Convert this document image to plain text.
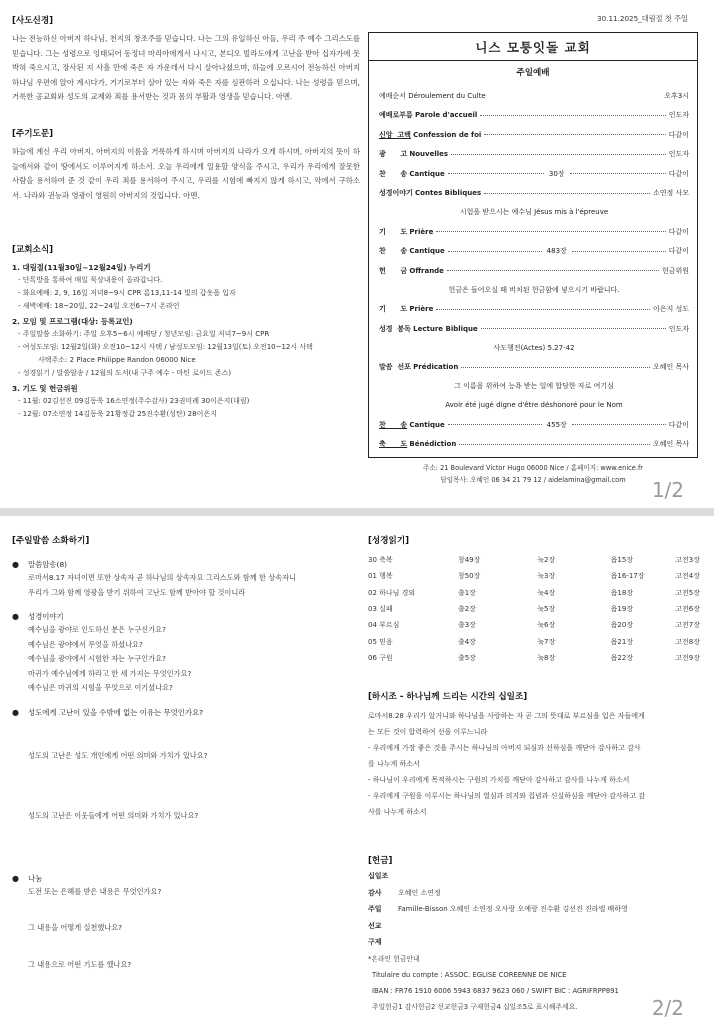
[사도신경]
나는 전능하신 아버지 하나님, 천지의 창조주를 믿습니다. 나는 그의 유일하신 아들, 우리 주 예수 그리스도를 믿습니다. 그는 성령으로 잉태되어 동정녀 마리아에게서 나시고, 본디오 빌라도에게 고난을 받아 십자가에 못 박혀 죽으시고, 장사된 지 사흘 만에 죽은 자 가운데서 다시 살아나셨으며, 하늘에 오르시어 전능하신 아버지 하나님 우편에 앉아 계시다가, 거기로부터 살아 있는 자와 죽은 자를 심판하러 오십니다. 나는 성령을 믿으며, 거룩한 공교회와 성도의 교제와 죄를 용서받는 것과 몸의 부활과 영생을 믿습니다. 아멘.
[주기도문]
하늘에 계신 우리 아버지, 아버지의 이름을 거룩하게 하시며 아버지의 나라가 오게 하시며, 아버지의 뜻이 하늘에서와 같이 땅에서도 이루어지게 하소서. 오늘 우리에게 일용할 양식을 주시고, 우리가 우리에게 잘못한 사람을 용서하여 준 것 같이 우리 죄를 용서하여 주시고, 우리를 시험에 빠지지 않게 하시고, 악에서 구하소서. 나라와 권능과 영광이 영원히 아버지의 것입니다. 아멘.
[교회소식]
1. 대림절(11월30일~12월24일) 누리기
- 단톡방을 통하여 매일 묵상내용이 올라갑니다.
- 화요예배: 2, 9, 16일 저녁8~9시 CPR 롬13,11-14 빛의 갑옷을 입자
- 새벽예배: 18~20일, 22~24일 오전6~7시 온라인
2. 모임 및 프로그램(대상: 등록교인)
- 주일말씀 소화하기: 주일 오후5~6시 예배당 / 청년모임: 금요일 저녁7~9시 CPR
- 여성도모임: 12월2일(화) 오전10~12시 사택 / 남성도모임: 12월13일(토) 오전10~12시 사택
사택주소: 2 Place Philippe Randon 06000 Nice
- 성경읽기 / 말씀암송 / 12월의 도서(내 구주 예수 - 마틴 로이드 존스)
3. 기도 및 헌금위원
- 11월: 02김선진 09김동욱 16소연정(주수감사) 23권미례 30이은지(대림)
- 12월: 07소연정 14김동욱 21황정갑 25진수환(성탄) 28이은지
30.11.2025_대림절 첫 주일
니스 모퉁잇돌 교회
주일예배
예배순서 Déroulement du Culte	오후3시
예배로부름 Parole d'accueil	인도자
신앙  고백 Confession de foi	다같이
광      고 Nouvelles	인도자
찬      송 Cantique	30장	다같이
성경이야기 Contes Bibliques	소연정 사모
시험을 받으시는 예수님 Jésus mis à l'épreuve
기      도 Prière	다같이
찬      송 Cantique	483장	다같이
헌      금 Offrande	헌금위원
헌금은 들어오실 때 비치된 헌금함에 넣으시기 바랍니다.
기      도 Prière	이은지 성도
성경  봉독 Lecture Biblique	인도자
사도행전(Actes) 5.27-42
말씀  선포 Prédication	오혜인 목사
그 이름을 위하여 능욕 받는 일에 합당한 자로 여기심
Avoir été jugé digne d'être déshonoré pour le Nom
찬      송 Cantique	455장	다같이
축      도 Bénédiction	오혜인 목사
주소: 21 Boulevard Victor Hugo 06000 Nice / 홈페이지: www.enice.fr
담임목사: 오혜인 06 34 21 79 12 / aidelamina@gmail.com	1/2
[주일말씀 소화하기]
●	말씀암송(8)
로마서8.17 자녀이면 또한 상속자 곧 하나님의 상속자요 그리스도와 함께 한 상속자니
우리가 그와 함께 영광을 받기 위하여 고난도 함께 받아야 할 것이니라
●	성경이야기
예수님을 광야로 인도하신 분은 누구신가요?
예수님은 광야에서 무엇을 하셨나요?
예수님을 광야에서 시험한 자는 누구인가요?
마귀가 예수님에게 하라고 한 세 가지는 무엇인가요?
예수님은 마귀의 시험을 무엇으로 이기셨나요?
●	성도에게 고난이 있을 수밖에 없는 이유는 무엇인가요?
성도의 고난은 성도 개인에게 어떤 의미와 가치가 있나요?
성도의 고난은 이웃들에게 어떤 의미와 가치가 있나요?
●	나눔
도전 또는 은혜를 받은 내용은 무엇인가요?
그 내용을 어떻게 실천했나요?
그 내용으로 어떤 기도를 했나요?
[성경읽기]
30 축복	창49장	눅2장	욥15장	고전3장
01 행복	창50장	눅3장	욥16-17장	고전4장
02 하나님 경외	출1장	눅4장	욥18장	고전5장
03 실패	출2장	눅5장	욥19장	고전6장
04 부르심	출3장	눅6장	욥20장	고전7장
05 믿음	출4장	눅7장	욥21장	고전8장
06 구원	출5장	눅8장	욥22장	고전9장
[하시조 - 하나님께 드리는 시간의 십일조]
로마서8.28 우리가 알거니와 하나님을 사랑하는 자 곧 그의 뜻대로 부르심을 입은 자들에게
는 모든 것이 합력하여 선을 이루느니라
- 우리에게 가장 좋은 것을 주시는 하나님의 아버지 되심과 선하심을 깨닫아 감사하고 감사
를 나누게 하소서
- 하나님이 우리에게 목적하시는 구원의 가치를 깨닫아 감사하고 감사를 나누게 하소서
- 우리에게 구원을 이루시는 하나님의 열심과 의지와 집념과 신실하심을 깨닫아 감사하고 감
사를 나누게 하소서
[헌금]
십일조
감사	오혜인 소연정
주일	Famille-Bisson 오혜인 소연정 오사랑 오예랑 진수환 김선진 진라엘 배하영
선교
구제
*온라인 헌금안내
Titulaire du compte : ASSOC. EGLISE COREENNE DE NICE
IBAN : FR76 1910 6006 5943 6837 9623 060 / SWIFT BIC : AGRIFRPP891
주일헌금1 감사헌금2 선교헌금3 구제헌금4 십일조5로 표시해주세요.	2/2
